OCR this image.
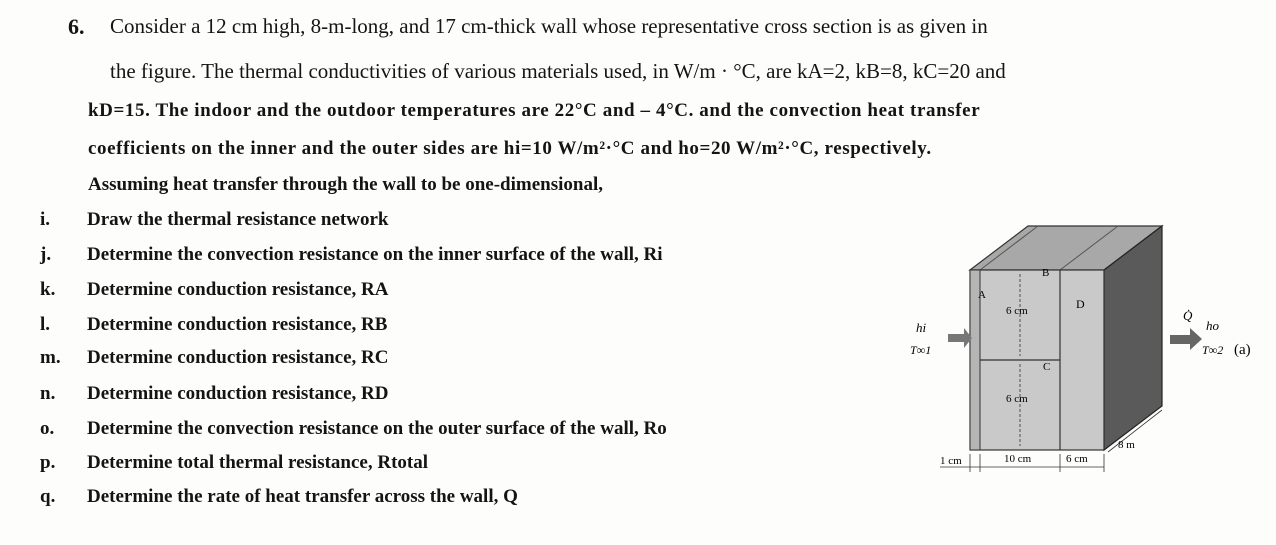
6. Consider a 12 cm high, 8-m-long, and 17 cm-thick wall whose representative cross section is as given in
the figure. The thermal conductivities of various materials used, in W/m · °C, are kA=2, kB=8, kC=20 and
kD=15. The indoor and the outdoor temperatures are 22°C and – 4°C. and the convection heat transfer
coefficients on the inner and the outer sides are hi=10 W/m²·°C and ho=20 W/m²·°C, respectively.
Assuming heat transfer through the wall to be one-dimensional,
i.	Draw the thermal resistance network
j.	Determine the convection resistance on the inner surface of the wall, Ri
k.	Determine conduction resistance, RA
l.	Determine conduction resistance, RB
m.	Determine conduction resistance, RC
n.	Determine conduction resistance, RD
o.	Determine the convection resistance on the outer surface of the wall, Ro
p.	Determine total thermal resistance, Rtotal
q.	Determine the rate of heat transfer across the wall, Q
B
A
D
C
6 cm
6 cm
hi
T∞1
Q̇
ho
T∞2 (a)
1 cm	10 cm	6 cm
8 m
